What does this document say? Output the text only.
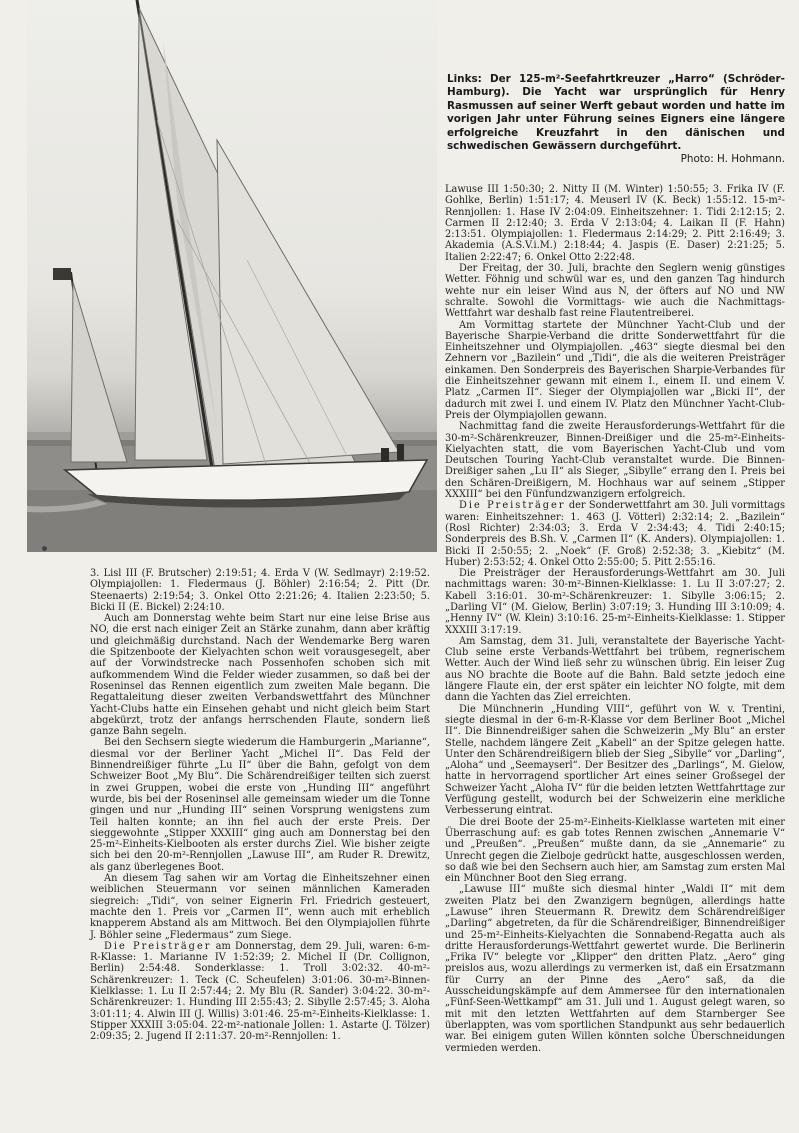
Links: Der 125-m²-Seefahrtkreuzer „Harro“ (Schröder-Hamburg). Die Yacht war ursprünglich für Henry Rasmussen auf seiner Werft gebaut worden und hatte im vorigen Jahr unter Führung seines Eigners eine längere erfolgreiche Kreuzfahrt in den dänischen und schwedischen Gewässern durchgeführt.
Photo: H. Hohmann.

3. Lisl III (F. Brutscher) 2:19:51; 4. Erda V (W. Sedlmayr) 2:19:52. Olympiajollen: 1. Fledermaus (J. Böhler) 2:16:54; 2. Pitt (Dr. Steenaerts) 2:19:54; 3. Onkel Otto 2:21:26; 4. Italien 2:23:50; 5. Bicki II (E. Bickel) 2:24:10.

Auch am Donnerstag wehte beim Start nur eine leise Brise aus NO, die erst nach einiger Zeit an Stärke zunahm, dann aber kräftig und gleichmäßig durchstand. Nach der Wendemarke Berg waren die Spitzenboote der Kielyachten schon weit vorausgesegelt, aber auf der Vorwindstrecke nach Possenhofen schoben sich mit aufkommendem Wind die Felder wieder zusammen, so daß bei der Roseninsel das Rennen eigentlich zum zweiten Male begann. Die Regattaleitung dieser zweiten Verbandswettfahrt des Münchner Yacht-Clubs hatte ein Einsehen gehabt und nicht gleich beim Start abgekürzt, trotz der anfangs herrschenden Flaute, sondern ließ ganze Bahn segeln.

Bei den Sechsern siegte wiederum die Hamburgerin „Marianne“, diesmal vor der Berliner Yacht „Michel II“. Das Feld der Binnendreißiger führte „Lu II“ über die Bahn, gefolgt von dem Schweizer Boot „My Blu“. Die Schärendreißiger teilten sich zuerst in zwei Gruppen, wobei die erste von „Hunding III“ angeführt wurde, bis bei der Roseninsel alle gemeinsam wieder um die Tonne gingen und nur „Hunding III“ seinen Vorsprung wenigstens zum Teil halten konnte; an ihn fiel auch der erste Preis. Der sieggewohnte „Stipper XXXIII“ ging auch am Donnerstag bei den 25-m²-Einheits-Kielbooten als erster durchs Ziel. Wie bisher zeigte sich bei den 20-m²-Rennjollen „Lawuse III“, am Ruder R. Drewitz, als ganz überlegenes Boot.

An diesem Tag sahen wir am Vortag die Einheitszehner einen weiblichen Steuermann vor seinen männlichen Kameraden siegreich: „Tidi“, von seiner Eignerin Frl. Friedrich gesteuert, machte den 1. Preis vor „Carmen II“, wenn auch mit erheblich knapperem Abstand als am Mittwoch. Bei den Olympiajollen führte J. Böhler seine „Fledermaus“ zum Siege.

Die Preisträger am Donnerstag, dem 29. Juli, waren: 6-m-R-Klasse: 1. Marianne IV 1:52:39; 2. Michel II (Dr. Collignon, Berlin) 2:54:48. Sonderklasse: 1. Troll 3:02:32. 40-m²-Schärenkreuzer: 1. Teck (C. Scheufelen) 3:01:06. 30-m²-Binnen-Kielklasse: 1. Lu II 2:57:44; 2. My Blu (R. Sander) 3:04:22. 30-m²-Schärenkreuzer: 1. Hunding III 2:55:43; 2. Sibylle 2:57:45; 3. Aloha 3:01:11; 4. Alwin III (J. Willis) 3:01:46. 25-m²-Einheits-Kielklasse: 1. Stipper XXXIII 3:05:04. 22-m²-nationale Jollen: 1. Astarte (J. Tölzer) 2:09:35; 2. Jugend II 2:11:37. 20-m²-Rennjollen: 1.

Lawuse III 1:50:30; 2. Nitty II (M. Winter) 1:50:55; 3. Frika IV (F. Gohlke, Berlin) 1:51:17; 4. Meuserl IV (K. Beck) 1:55:12. 15-m²-Rennjollen: 1. Hase IV 2:04:09. Einheitszehner: 1. Tidi 2:12:15; 2. Carmen II 2:12:40; 3. Erda V 2:13:04; 4. Laikan II (F. Hahn) 2:13:51. Olympiajollen: 1. Fledermaus 2:14:29; 2. Pitt 2:16:49; 3. Akademia (A.S.V.i.M.) 2:18:44; 4. Jaspis (E. Daser) 2:21:25; 5. Italien 2:22:47; 6. Onkel Otto 2:22:48.

Der Freitag, der 30. Juli, brachte den Seglern wenig günstiges Wetter. Föhnig und schwül war es, und den ganzen Tag hindurch wehte nur ein leiser Wind aus N, der öfters auf NO und NW schralte. Sowohl die Vormittags- wie auch die Nachmittags-Wettfahrt war deshalb fast reine Flautentreiberei.

Am Vormittag startete der Münchner Yacht-Club und der Bayerische Sharpie-Verband die dritte Sonderwettfahrt für die Einheitszehner und Olympiajollen. „463“ siegte diesmal bei den Zehnern vor „Bazilein“ und „Tidi“, die als die weiteren Preisträger einkamen. Den Sonderpreis des Bayerischen Sharpie-Verbandes für die Einheitszehner gewann mit einem I., einem II. und einem V. Platz „Carmen II“. Sieger der Olympiajollen war „Bicki II“, der dadurch mit zwei I. und einem IV. Platz den Münchner Yacht-Club-Preis der Olympiajollen gewann.

Nachmittag fand die zweite Herausforderungs-Wettfahrt für die 30-m²-Schärenkreuzer, Binnen-Dreißiger und die 25-m²-Einheits-Kielyachten statt, die vom Bayerischen Yacht-Club und vom Deutschen Touring Yacht-Club veranstaltet wurde. Die Binnen-Dreißiger sahen „Lu II“ als Sieger, „Sibylle“ errang den I. Preis bei den Schären-Dreißigern, M. Hochhaus war auf seinem „Stipper XXXIII“ bei den Fünfundzwanzigern erfolgreich.

Die Preisträger der Sonderwettfahrt am 30. Juli vormittags waren: Einheitszehner: 1. 463 (J. Vötterl) 2:32:14; 2. „Bazilein“ (Rosl Richter) 2:34:03; 3. Erda V 2:34:43; 4. Tidi 2:40:15; Sonderpreis des B.Sh. V. „Carmen II“ (K. Anders). Olympiajollen: 1. Bicki II 2:50:55; 2. „Noek“ (F. Groß) 2:52:38; 3. „Kiebitz“ (M. Huber) 2:53:52; 4. Onkel Otto 2:55:00; 5. Pitt 2:55:16.

Die Preisträger der Herausforderungs-Wettfahrt am 30. Juli nachmittags waren: 30-m²-Binnen-Kielklasse: 1. Lu II 3:07:27; 2. Kabell 3:16:01. 30-m²-Schärenkreuzer: 1. Sibylle 3:06:15; 2. „Darling VI“ (M. Gielow, Berlin) 3:07:19; 3. Hunding III 3:10:09; 4. „Henny IV“ (W. Klein) 3:10:16. 25-m²-Einheits-Kielklasse: 1. Stipper XXXIII 3:17:19.

Am Samstag, dem 31. Juli, veranstaltete der Bayerische Yacht-Club seine erste Verbands-Wettfahrt bei trübem, regnerischem Wetter. Auch der Wind ließ sehr zu wünschen übrig. Ein leiser Zug aus NO brachte die Boote auf die Bahn. Bald setzte jedoch eine längere Flaute ein, der erst später ein leichter NO folgte, mit dem dann die Yachten das Ziel erreichten.

Die Münchnerin „Hunding VIII“, geführt von W. v. Trentini, siegte diesmal in der 6-m-R-Klasse vor dem Berliner Boot „Michel II“. Die Binnendreißiger sahen die Schweizerin „My Blu“ an erster Stelle, nachdem längere Zeit „Kabell“ an der Spitze gelegen hatte. Unter den Schärendreißigern blieb der Sieg „Sibylle“ vor „Darling“, „Aloha“ und „Seemayserl“. Der Besitzer des „Darlings“, M. Gielow, hatte in hervorragend sportlicher Art eines seiner Großsegel der Schweizer Yacht „Aloha IV“ für die beiden letzten Wettfahrttage zur Verfügung gestellt, wodurch bei der Schweizerin eine merkliche Verbesserung eintrat.

Die drei Boote der 25-m²-Einheits-Kielklasse warteten mit einer Überraschung auf: es gab totes Rennen zwischen „Annemarie V“ und „Preußen“. „Preußen“ mußte dann, da sie „Annemarie“ zu Unrecht gegen die Zielboje gedrückt hatte, ausgeschlossen werden, so daß wie bei den Sechsern auch hier, am Samstag zum ersten Mal ein Münchner Boot den Sieg errang.

„Lawuse III“ mußte sich diesmal hinter „Waldi II“ mit dem zweiten Platz bei den Zwanzigern begnügen, allerdings hatte „Lawuse“ ihren Steuermann R. Drewitz dem Schärendreißiger „Darling“ abgetreten, da für die Schärendreißiger, Binnendreißiger und 25-m²-Einheits-Kielyachten die Sonnabend-Regatta auch als dritte Herausforderungs-Wettfahrt gewertet wurde. Die Berlinerin „Frika IV“ belegte vor „Klipper“ den dritten Platz. „Aero“ ging preislos aus, wozu allerdings zu vermerken ist, daß ein Ersatzmann für Curry an der Pinne des „Aero“ saß, da die Ausscheidungskämpfe auf dem Ammersee für den internationalen „Fünf-Seen-Wettkampf“ am 31. Juli und 1. August gelegt waren, so mit mit den letzten Wettfahrten auf dem Starnberger See überlappten, was vom sportlichen Standpunkt aus sehr bedauerlich war. Bei einigem guten Willen könnten solche Überschneidungen vermieden werden.
